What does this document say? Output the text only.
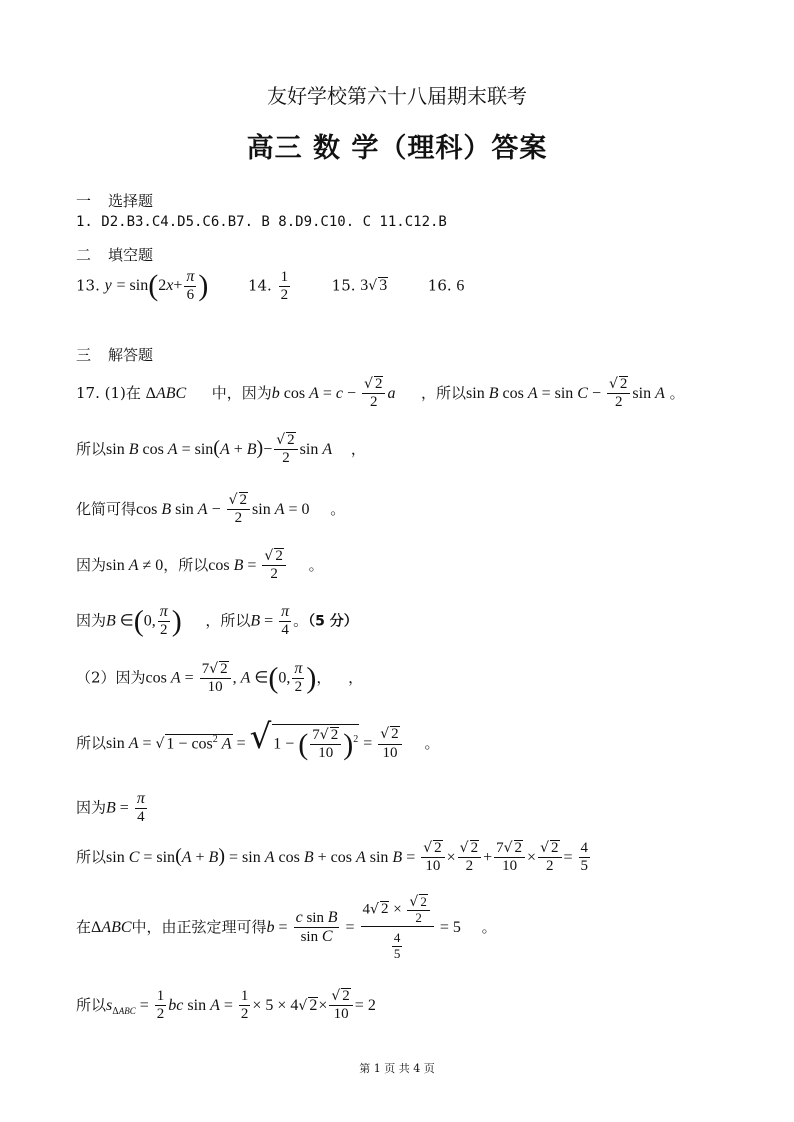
友好学校第六十八届期末联考
高三 数 学（理科）答案
一 选择题
1. D2.B3.C4.D5.C6.B7. B 8.D9.C10. C 11.C12.B
二 填空题
13. $y = \sin(2x+ \frac{\pi}{6}$ )	14. $\frac{1}{2}$	15. 3√ 3	16. 6
三 解答题
17. (1)在 ΔABC 中，因为b $\cos A = c - \frac{√ 2}{2}$ a ，所以sin B $\cos A = \sin C - \frac{√ 2}{2}$ sin A 。
所以sin B $\cos A = \sin(A + B)- \frac{√ 2}{2}$ sin A ，
化简可得cos B $\sin A - \frac{√ 2}{2}$ sin A = 0 。
因为sin A ≠ 0，所以$\cos B = \frac{√ 2}{2}$ 。
因为B ∈(0, $\frac{\pi}{2}$ ) ，所以$B = \frac{\pi}{4}$ 。（5 分）
（2）因为$\cos A = \frac{7√ 2}{10}$ , A ∈(0, $\frac{\pi}{2}$ )， ，
所以sin A = √ $1 - \cos^2 A$ = √ 1 − ( $\frac{7√ 2}{10} )^2 = \frac{√ 2}{10}$ 。
因为$B = \frac{\pi}{4}$
所以sin C = sin(A + B) = sin A cos B + cos A $\sin B = \frac{√ 2}{10} \times \frac{√ 2}{2} + \frac{7√ 2}{10} \times \frac{√ 2}{2} = \frac{4}{5}$
在ΔABC中，由正弦定理可得$b = \frac{\text{c sin B}}{\text{sin C}} = \frac{4√ 2 \times \frac{√ 2}{2}}{\frac{4}{5}} = 5$ 。
所以$s_{\Delta ABC} = \frac{1}{2}$ bc $\sin A = \frac{1}{2} \times 5 \times 4√$ $2\times \frac{√ 2}{10} = 2$
第 1 页 共 4 页
